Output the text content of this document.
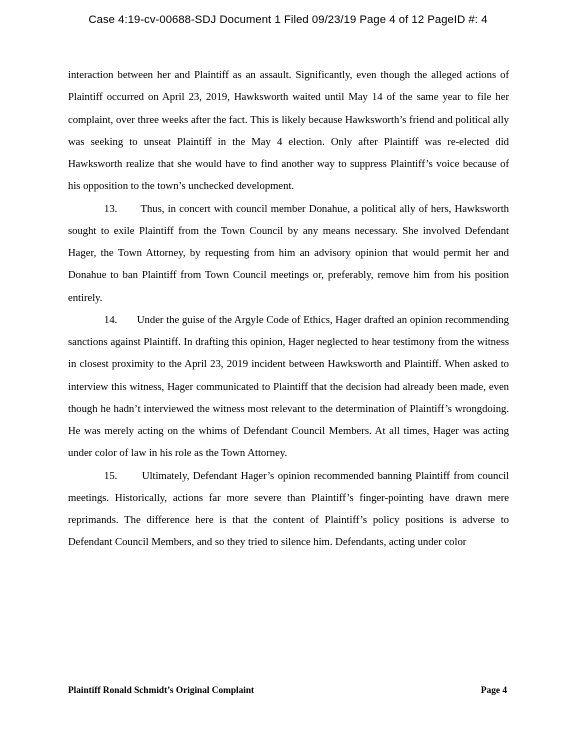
Case 4:19-cv-00688-SDJ Document 1 Filed 09/23/19 Page 4 of 12 PageID #: 4

interaction between her and Plaintiff as an assault. Significantly, even though the alleged actions of Plaintiff occurred on April 23, 2019, Hawksworth waited until May 14 of the same year to file her complaint, over three weeks after the fact. This is likely because Hawksworth’s friend and political ally was seeking to unseat Plaintiff in the May 4 election. Only after Plaintiff was re-elected did Hawksworth realize that she would have to find another way to suppress Plaintiff’s voice because of his opposition to the town’s unchecked development.

13.       Thus, in concert with council member Donahue, a political ally of hers, Hawksworth sought to exile Plaintiff from the Town Council by any means necessary. She involved Defendant Hager, the Town Attorney, by requesting from him an advisory opinion that would permit her and Donahue to ban Plaintiff from Town Council meetings or, preferably, remove him from his position entirely.

14.       Under the guise of the Argyle Code of Ethics, Hager drafted an opinion recommending sanctions against Plaintiff. In drafting this opinion, Hager neglected to hear testimony from the witness in closest proximity to the April 23, 2019 incident between Hawksworth and Plaintiff. When asked to interview this witness, Hager communicated to Plaintiff that the decision had already been made, even though he hadn’t interviewed the witness most relevant to the determination of Plaintiff’s wrongdoing. He was merely acting on the whims of Defendant Council Members. At all times, Hager was acting under color of law in his role as the Town Attorney.

15.       Ultimately, Defendant Hager’s opinion recommended banning Plaintiff from council meetings. Historically, actions far more severe than Plaintiff’s finger-pointing have drawn mere reprimands. The difference here is that the content of Plaintiff’s policy positions is adverse to Defendant Council Members, and so they tried to silence him. Defendants, acting under color

Plaintiff Ronald Schmidt’s Original Complaint	Page 4
